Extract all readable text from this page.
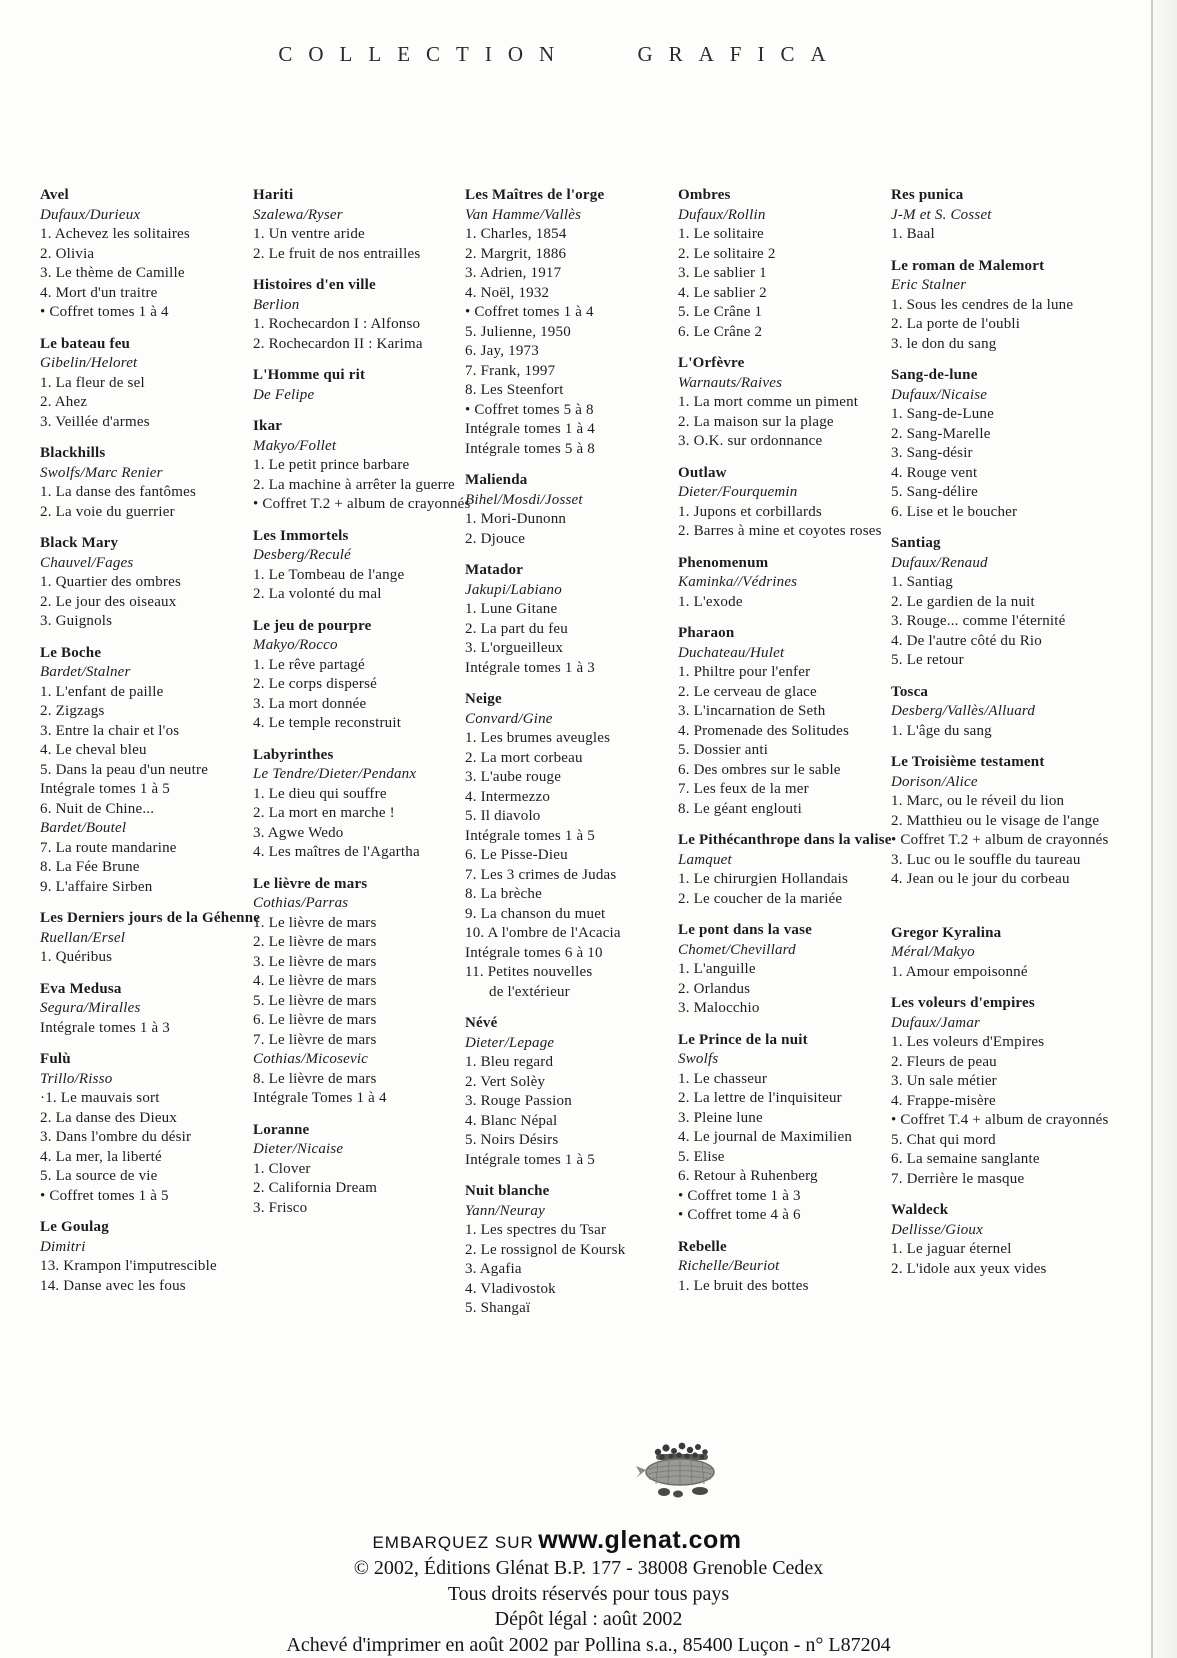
COLLECTION GRAFICA
Avel
Dufaux/Durieux
1. Achevez les solitaires
2. Olivia
3. Le thème de Camille
4. Mort d'un traitre
• Coffret tomes 1 à 4
Le bateau feu
Gibelin/Heloret
1. La fleur de sel
2. Ahez
3. Veillée d'armes
Blackhills
Swolfs/Marc Renier
1. La danse des fantômes
2. La voie du guerrier
Black Mary
Chauvel/Fages
1. Quartier des ombres
2. Le jour des oiseaux
3. Guignols
Le Boche
Bardet/Stalner
1. L'enfant de paille
2. Zigzags
3. Entre la chair et l'os
4. Le cheval bleu
5. Dans la peau d'un neutre
Intégrale tomes 1 à 5
6. Nuit de Chine...
Bardet/Boutel
7. La route mandarine
8. La Fée Brune
9. L'affaire Sirben
Les Derniers jours de la Géhenne
Ruellan/Ersel
1. Quéribus
Eva Medusa
Segura/Miralles
Intégrale tomes 1 à 3
Fulù
Trillo/Risso
·1. Le mauvais sort
2. La danse des Dieux
3. Dans l'ombre du désir
4. La mer, la liberté
5. La source de vie
• Coffret tomes 1 à 5
Le Goulag
Dimitri
13. Krampon l'imputrescible
14. Danse avec les fous
Hariti
Szalewa/Ryser
1. Un ventre aride
2. Le fruit de nos entrailles
Histoires d'en ville
Berlion
1. Rochecardon I : Alfonso
2. Rochecardon II : Karima
L'Homme qui rit
De Felipe
Ikar
Makyo/Follet
1. Le petit prince barbare
2. La machine à arrêter la guerre
• Coffret T.2 + album de crayonnés
Les Immortels
Desberg/Reculé
1. Le Tombeau de l'ange
2. La volonté du mal
Le jeu de pourpre
Makyo/Rocco
1. Le rêve partagé
2. Le corps dispersé
3. La mort donnée
4. Le temple reconstruit
Labyrinthes
Le Tendre/Dieter/Pendanx
1. Le dieu qui souffre
2. La mort en marche !
3. Agwe Wedo
4. Les maîtres de l'Agartha
Le lièvre de mars
Cothias/Parras
1. Le lièvre de mars
2. Le lièvre de mars
3. Le lièvre de mars
4. Le lièvre de mars
5. Le lièvre de mars
6. Le lièvre de mars
7. Le lièvre de mars
Cothias/Micosevic
8. Le lièvre de mars
Intégrale Tomes 1 à 4
Loranne
Dieter/Nicaise
1. Clover
2. California Dream
3. Frisco
Les Maîtres de l'orge
Van Hamme/Vallès
1. Charles, 1854
2. Margrit, 1886
3. Adrien, 1917
4. Noël, 1932
• Coffret tomes 1 à 4
5. Julienne, 1950
6. Jay, 1973
7. Frank, 1997
8. Les Steenfort
• Coffret tomes 5 à 8
Intégrale tomes 1 à 4
Intégrale tomes 5 à 8
Malienda
Bihel/Mosdi/Josset
1. Mori-Dunonn
2. Djouce
Matador
Jakupi/Labiano
1. Lune Gitane
2. La part du feu
3. L'orgueilleux
Intégrale tomes 1 à 3
Neige
Convard/Gine
1. Les brumes aveugles
2. La mort corbeau
3. L'aube rouge
4. Intermezzo
5. Il diavolo
Intégrale tomes 1 à 5
6. Le Pisse-Dieu
7. Les 3 crimes de Judas
8. La brèche
9. La chanson du muet
10. A l'ombre de l'Acacia
Intégrale tomes 6 à 10
11. Petites nouvelles
de l'extérieur
Névé
Dieter/Lepage
1. Bleu regard
2. Vert Solèy
3. Rouge Passion
4. Blanc Népal
5. Noirs Désirs
Intégrale tomes 1 à 5
Nuit blanche
Yann/Neuray
1. Les spectres du Tsar
2. Le rossignol de Koursk
3. Agafia
4. Vladivostok
5. Shangaï
Ombres
Dufaux/Rollin
1. Le solitaire
2. Le solitaire 2
3. Le sablier 1
4. Le sablier 2
5. Le Crâne 1
6. Le Crâne 2
L'Orfèvre
Warnauts/Raives
1. La mort comme un piment
2. La maison sur la plage
3. O.K. sur ordonnance
Outlaw
Dieter/Fourquemin
1. Jupons et corbillards
2. Barres à mine et coyotes roses
Phenomenum
Kaminka//Védrines
1. L'exode
Pharaon
Duchateau/Hulet
1. Philtre pour l'enfer
2. Le cerveau de glace
3. L'incarnation de Seth
4. Promenade des Solitudes
5. Dossier anti
6. Des ombres sur le sable
7. Les feux de la mer
8. Le géant englouti
Le Pithécanthrope dans la valise
Lamquet
1. Le chirurgien Hollandais
2. Le coucher de la mariée
Le pont dans la vase
Chomet/Chevillard
1. L'anguille
2. Orlandus
3. Malocchio
Le Prince de la nuit
Swolfs
1. Le chasseur
2. La lettre de l'inquisiteur
3. Pleine lune
4. Le journal de Maximilien
5. Elise
6. Retour à Ruhenberg
• Coffret tome 1 à 3
• Coffret tome 4 à 6
Rebelle
Richelle/Beuriot
1. Le bruit des bottes
Res punica
J-M et S. Cosset
1. Baal
Le roman de Malemort
Eric Stalner
1. Sous les cendres de la lune
2. La porte de l'oubli
3. le don du sang
Sang-de-lune
Dufaux/Nicaise
1. Sang-de-Lune
2. Sang-Marelle
3. Sang-désir
4. Rouge vent
5. Sang-délire
6. Lise et le boucher
Santiag
Dufaux/Renaud
1. Santiag
2. Le gardien de la nuit
3. Rouge... comme l'éternité
4. De l'autre côté du Rio
5. Le retour
Tosca
Desberg/Vallès/Alluard
1. L'âge du sang
Le Troisième testament
Dorison/Alice
1. Marc, ou le réveil du lion
2. Matthieu ou le visage de l'ange
• Coffret T.2 + album de crayonnés
3. Luc ou le souffle du taureau
4. Jean ou le jour du corbeau
Gregor Kyralina
Méral/Makyo
1. Amour empoisonné
Les voleurs d'empires
Dufaux/Jamar
1. Les voleurs d'Empires
2. Fleurs de peau
3. Un sale métier
4. Frappe-misère
• Coffret T.4 + album de crayonnés
5. Chat qui mord
6. La semaine sanglante
7. Derrière le masque
Waldeck
Dellisse/Gioux
1. Le jaguar éternel
2. L'idole aux yeux vides
EMBARQUEZ SUR www.glenat.com
© 2002, Éditions Glénat B.P. 177 - 38008 Grenoble Cedex
Tous droits réservés pour tous pays
Dépôt légal : août 2002
Achevé d'imprimer en août 2002 par Pollina s.a., 85400 Luçon - n° L87204
